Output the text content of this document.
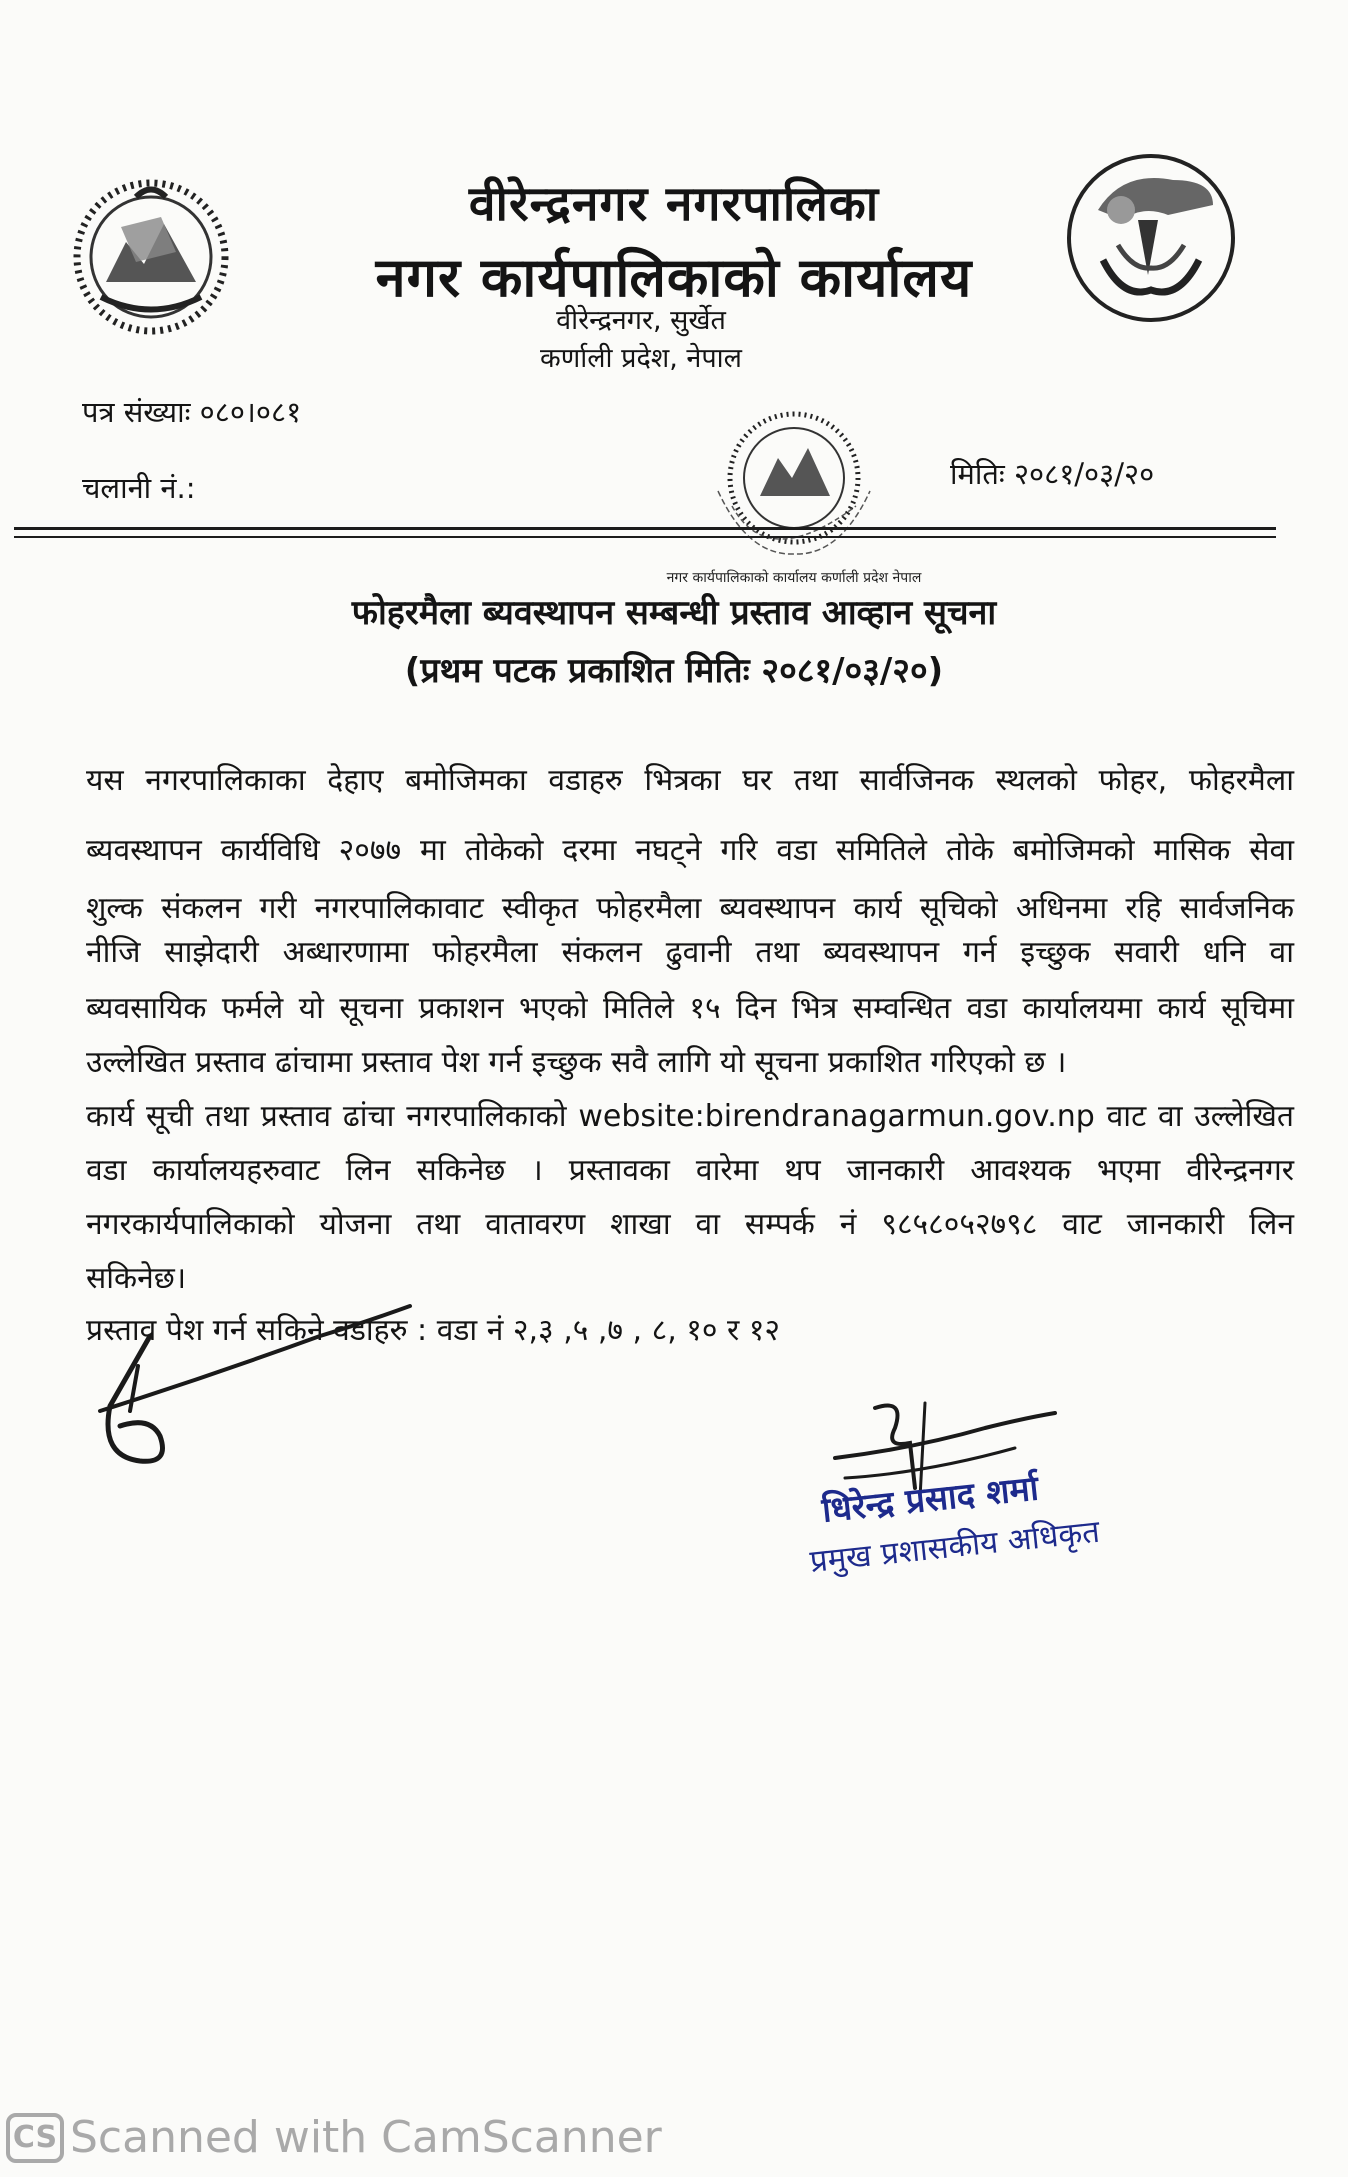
वीरेन्द्रनगर नगरपालिका
नगर कार्यपालिकाको कार्यालय
वीरेन्द्रनगर, सुर्खेत
कर्णाली प्रदेश, नेपाल
पत्र संख्याः ०८०।०८१
चलानी नं.:	मितिः २०८१/०३/२०
नगर कार्यपालिकाको कार्यालय कर्णाली प्रदेश नेपाल
फोहरमैला ब्यवस्थापन सम्बन्धी प्रस्ताव आव्हान सूचना
(प्रथम पटक प्रकाशित मितिः २०८१/०३/२०)
यस नगरपालिकाका देहाए बमोजिमका वडाहरु भित्रका घर तथा सार्वजिनक स्थलको फोहर, फोहरमैला
ब्यवस्थापन कार्यविधि २०७७ मा तोकेको दरमा नघट्ने गरि वडा समितिले तोके बमोजिमको मासिक सेवा
शुल्क संकलन गरी नगरपालिकावाट स्वीकृत फोहरमैला ब्यवस्थापन कार्य सूचिको अधिनमा रहि सार्वजनिक
नीजि साझेदारी अब्धारणामा फोहरमैला संकलन ढुवानी तथा ब्यवस्थापन गर्न इच्छुक सवारी धनि वा
ब्यवसायिक फर्मले यो सूचना प्रकाशन भएको मितिले १५ दिन भित्र सम्वन्धित वडा कार्यालयमा कार्य सूचिमा
उल्लेखित प्रस्ताव ढांचामा प्रस्ताव पेश गर्न इच्छुक सवै लागि यो सूचना प्रकाशित गरिएको छ ।
कार्य सूची तथा प्रस्ताव ढांचा नगरपालिकाको website:birendranagarmun.gov.np वाट वा उल्लेखित
वडा कार्यालयहरुवाट लिन सकिनेछ । प्रस्तावका वारेमा थप जानकारी आवश्यक भएमा वीरेन्द्रनगर
नगरकार्यपालिकाको योजना तथा वातावरण शाखा वा सम्पर्क नं ९८५८०५२७९८ वाट जानकारी लिन
सकिनेछ।
प्रस्ताव पेश गर्न सकिने वडाहरु : वडा नं २,३ ,५ ,७ , ८, १० र १२
धिरेन्द्र प्रसाद शर्मा
प्रमुख प्रशासकीय अधिकृत
CS Scanned with CamScanner
